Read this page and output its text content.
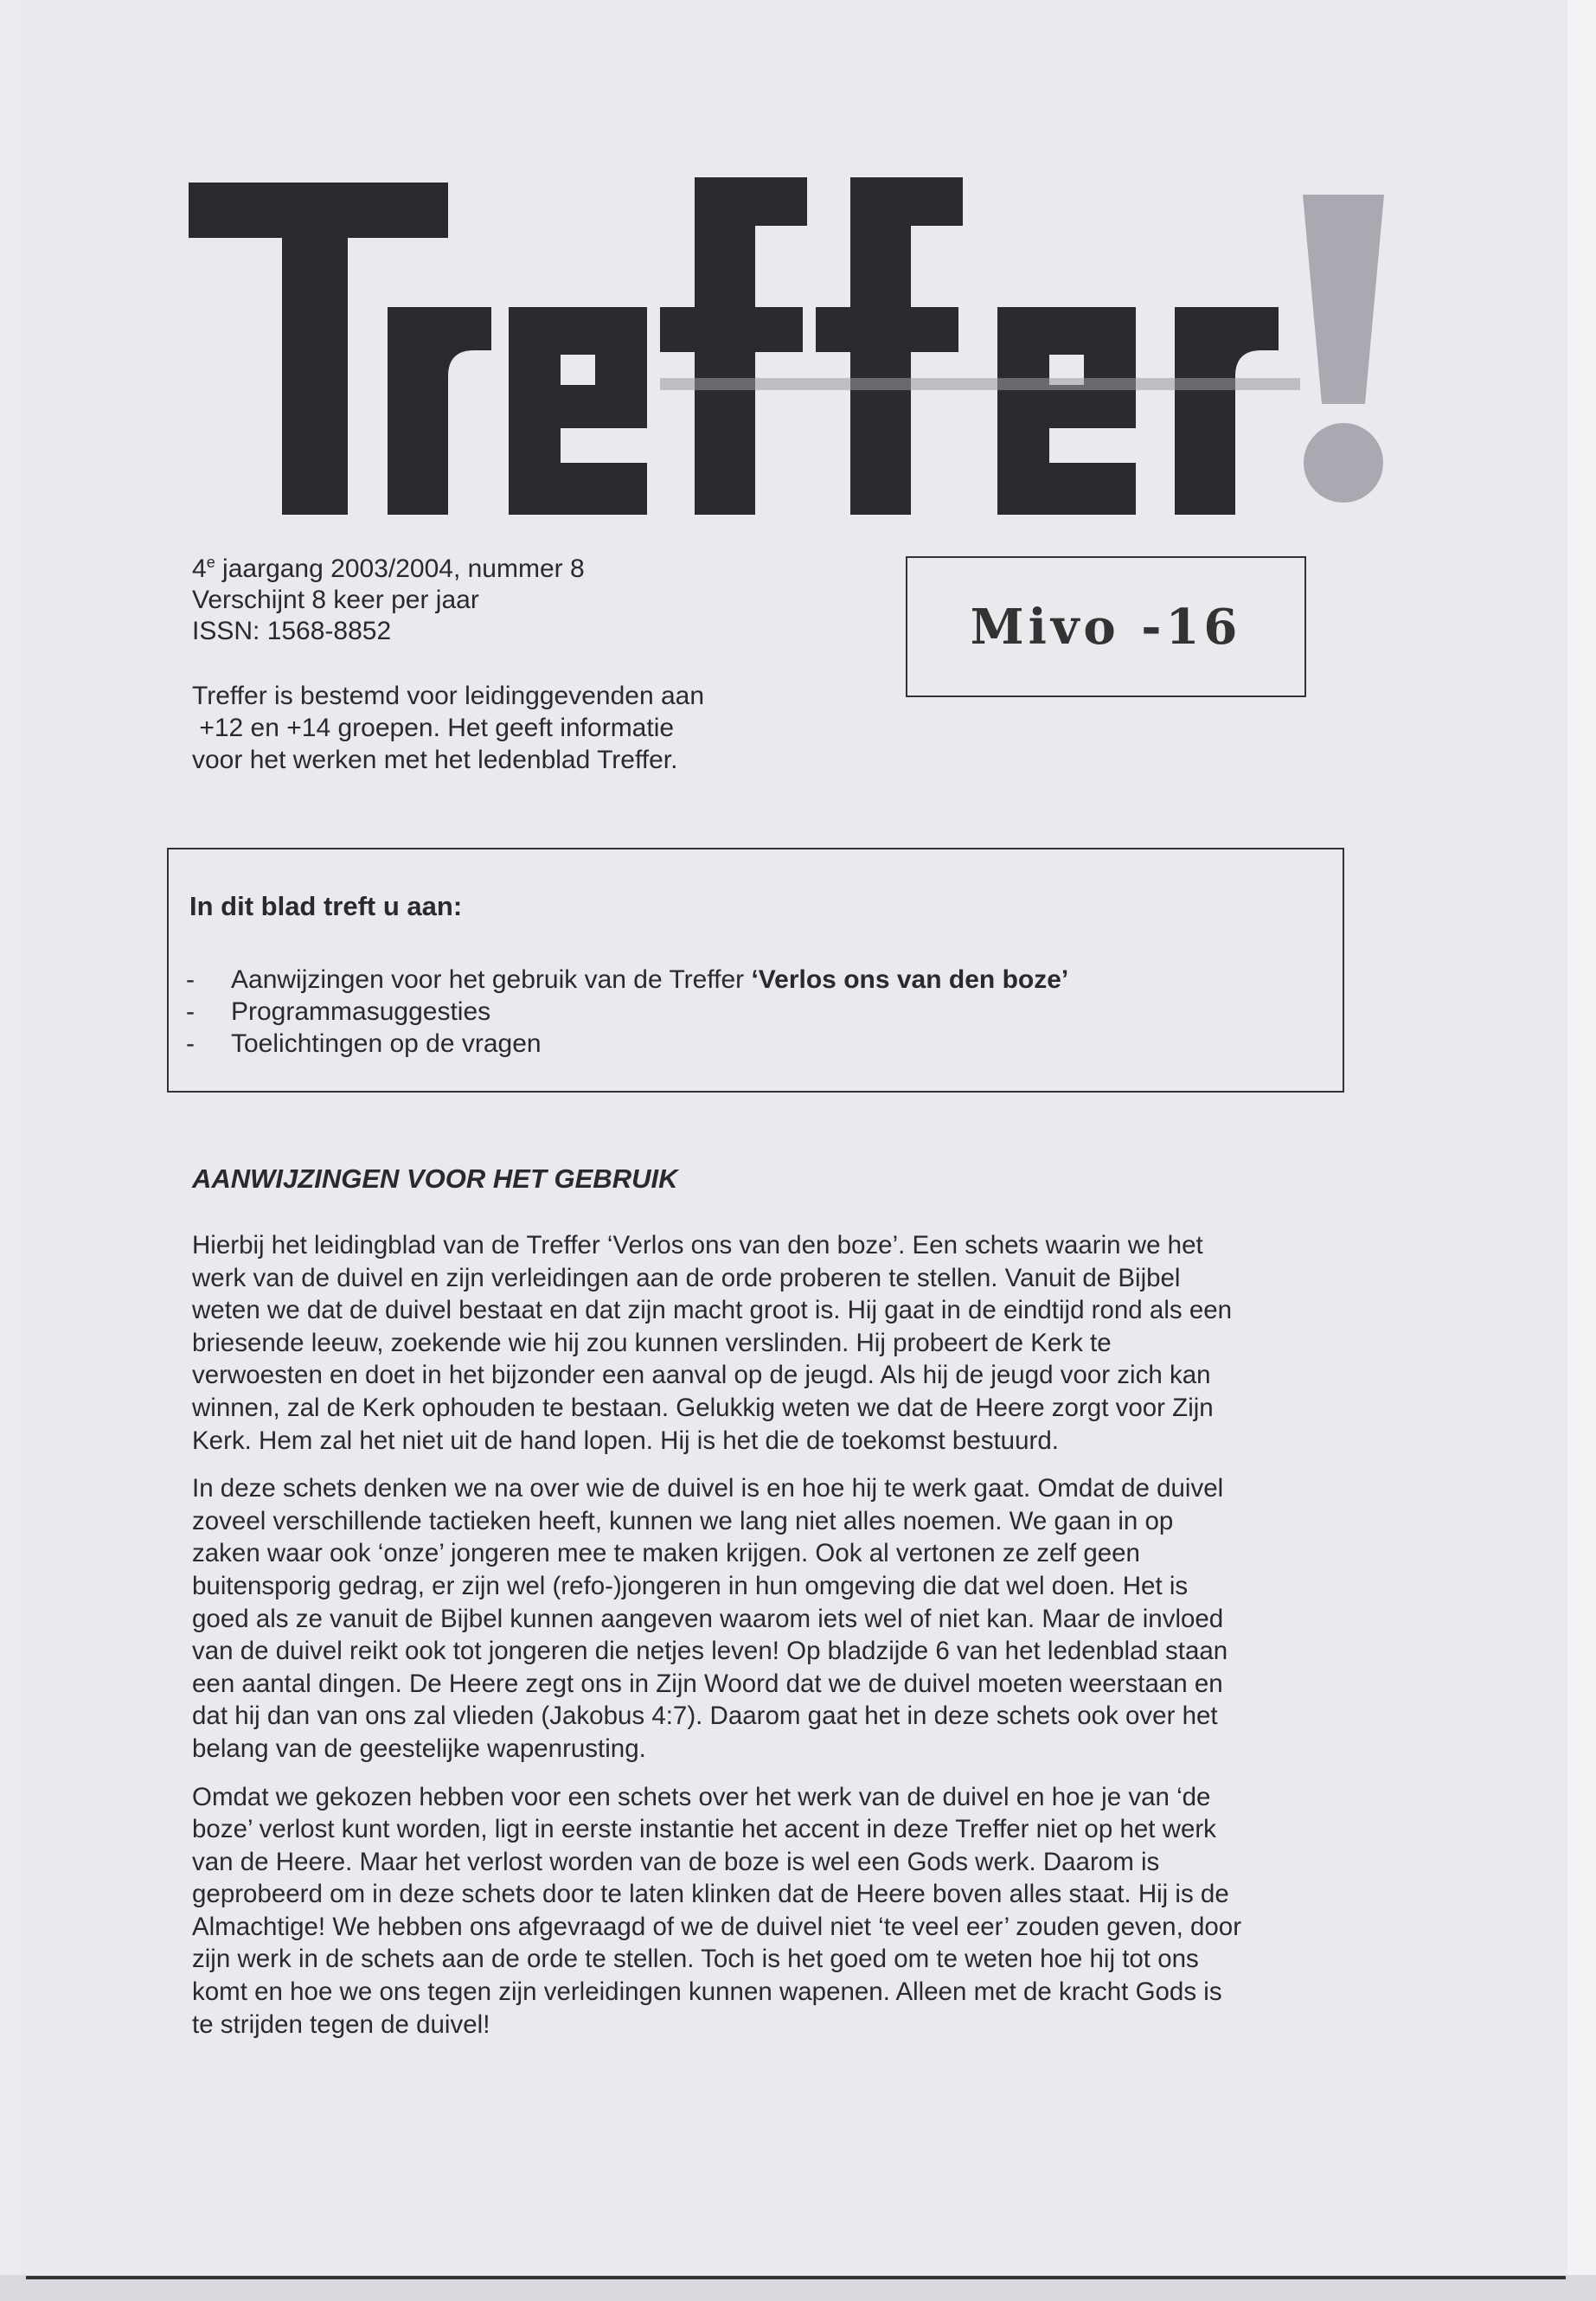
4e jaargang 2003/2004, nummer 8
Verschijnt 8 keer per jaar
ISSN: 1568-8852
Treffer is bestemd voor leidinggevenden aan
+12 en +14 groepen. Het geeft informatie
voor het werken met het ledenblad Treffer.
Mivo -16
In dit blad treft u aan:
-	Aanwijzingen voor het gebruik van de Treffer ‘Verlos ons van den boze’
-	Programmasuggesties
-	Toelichtingen op de vragen
AANWIJZINGEN VOOR HET GEBRUIK
Hierbij het leidingblad van de Treffer ‘Verlos ons van den boze’. Een schets waarin we het
werk van de duivel en zijn verleidingen aan de orde proberen te stellen. Vanuit de Bijbel
weten we dat de duivel bestaat en dat zijn macht groot is. Hij gaat in de eindtijd rond als een
briesende leeuw, zoekende wie hij zou kunnen verslinden. Hij probeert de Kerk te
verwoesten en doet in het bijzonder een aanval op de jeugd. Als hij de jeugd voor zich kan
winnen, zal de Kerk ophouden te bestaan. Gelukkig weten we dat de Heere zorgt voor Zijn
Kerk. Hem zal het niet uit de hand lopen. Hij is het die de toekomst bestuurd.
In deze schets denken we na over wie de duivel is en hoe hij te werk gaat. Omdat de duivel
zoveel verschillende tactieken heeft, kunnen we lang niet alles noemen. We gaan in op
zaken waar ook ‘onze’ jongeren mee te maken krijgen. Ook al vertonen ze zelf geen
buitensporig gedrag, er zijn wel (refo-)jongeren in hun omgeving die dat wel doen. Het is
goed als ze vanuit de Bijbel kunnen aangeven waarom iets wel of niet kan. Maar de invloed
van de duivel reikt ook tot jongeren die netjes leven! Op bladzijde 6 van het ledenblad staan
een aantal dingen. De Heere zegt ons in Zijn Woord dat we de duivel moeten weerstaan en
dat hij dan van ons zal vlieden (Jakobus 4:7). Daarom gaat het in deze schets ook over het
belang van de geestelijke wapenrusting.
Omdat we gekozen hebben voor een schets over het werk van de duivel en hoe je van ‘de
boze’ verlost kunt worden, ligt in eerste instantie het accent in deze Treffer niet op het werk
van de Heere. Maar het verlost worden van de boze is wel een Gods werk. Daarom is
geprobeerd om in deze schets door te laten klinken dat de Heere boven alles staat. Hij is de
Almachtige! We hebben ons afgevraagd of we de duivel niet ‘te veel eer’ zouden geven, door
zijn werk in de schets aan de orde te stellen. Toch is het goed om te weten hoe hij tot ons
komt en hoe we ons tegen zijn verleidingen kunnen wapenen. Alleen met de kracht Gods is
te strijden tegen de duivel!
